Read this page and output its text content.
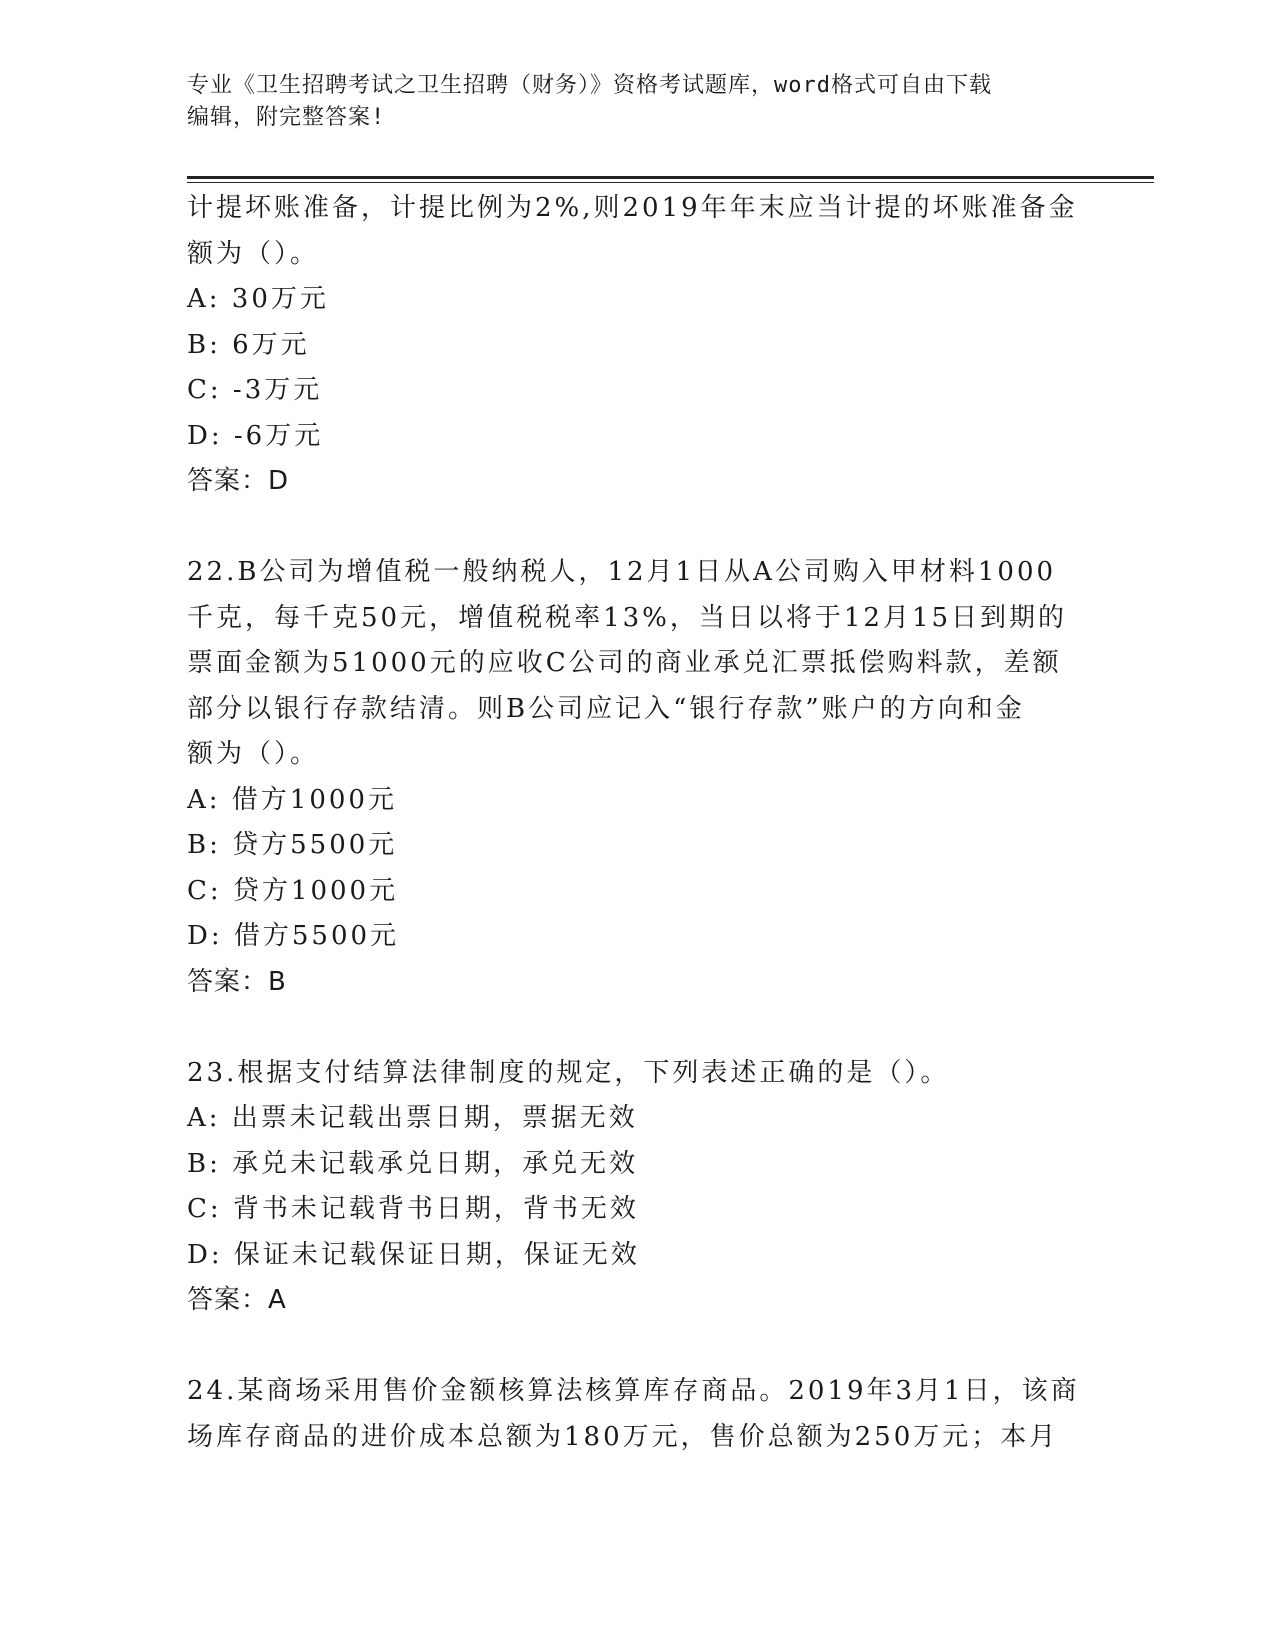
专业《卫生招聘考试之卫生招聘（财务）》资格考试题库，word格式可自由下载
编辑，附完整答案!
计提坏账准备，计提比例为2%,则2019年年末应当计提的坏账准备金
额为（）。
A: 30万元
B: 6万元
C: -3万元
D: -6万元
答案：D
22.B公司为增值税一般纳税人，12月1日从A公司购入甲材料1000
千克，每千克50元，增值税税率13%，当日以将于12月15日到期的
票面金额为51000元的应收C公司的商业承兑汇票抵偿购料款，差额
部分以银行存款结清。则B公司应记入“银行存款”账户的方向和金
额为（）。
A: 借方1000元
B: 贷方5500元
C: 贷方1000元
D: 借方5500元
答案：B
23.根据支付结算法律制度的规定，下列表述正确的是（）。
A: 出票未记载出票日期，票据无效
B: 承兑未记载承兑日期，承兑无效
C: 背书未记载背书日期，背书无效
D: 保证未记载保证日期，保证无效
答案：A
24.某商场采用售价金额核算法核算库存商品。2019年3月1日，该商
场库存商品的进价成本总额为180万元，售价总额为250万元；本月
